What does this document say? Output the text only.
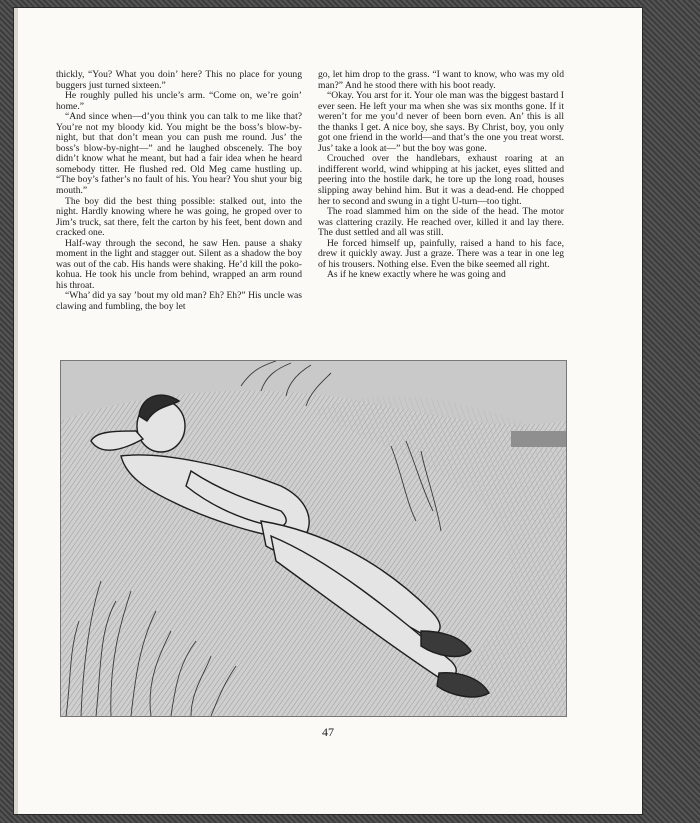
thickly, “You? What you doin’ here? This no place for young buggers just turned sixteen.”

He roughly pulled his uncle’s arm. “Come on, we’re goin’ home.”

“And since when—d’you think you can talk to me like that? You’re not my bloody kid. You might be the boss’s blow-by-night, but that don’t mean you can push me round. Jus’ the boss’s blow-by-night—” and he laughed obscenely. The boy didn’t know what he meant, but had a fair idea when he heard somebody titter. He flushed red. Old Meg came hustling up. “The boy’s father’s no fault of his. You hear? You shut your big mouth.”

The boy did the best thing possible: stalked out, into the night. Hardly knowing where he was going, he groped over to Jim’s truck, sat there, felt the carton by his feet, bent down and cracked one.

Half-way through the second, he saw Hen. pause a shaky moment in the light and stagger out. Silent as a shadow the boy was out of the cab. His hands were shaking. He’d kill the poko-kohua. He took his uncle from behind, wrapped an arm round his throat.

“Wha’ did ya say ’bout my old man? Eh? Eh?” His uncle was clawing and fumbling, the boy let

go, let him drop to the grass. “I want to know, who was my old man?” And he stood there with his boot ready.

“Okay. You arst for it. Your ole man was the biggest bastard I ever seen. He left your ma when she was six months gone. If it weren’t for me you’d never of been born even. An’ this is all the thanks I get. A nice boy, she says. By Christ, boy, you only got one friend in the world—and that’s the one you treat worst. Jus’ take a look at—” but the boy was gone.

Crouched over the handlebars, exhaust roaring at an indifferent world, wind whipping at his jacket, eyes slitted and peering into the hostile dark, he tore up the long road, houses slipping away behind him. But it was a dead-end. He chopped her to second and swung in a tight U-turn—too tight.

The road slammed him on the side of the head. The motor was clattering crazily. He reached over, killed it and lay there. The dust settled and all was still.

He forced himself up, painfully, raised a hand to his face, drew it quickly away. Just a graze. There was a tear in one leg of his trousers. Nothing else. Even the bike seemed all right.

As if he knew exactly where he was going and

47
